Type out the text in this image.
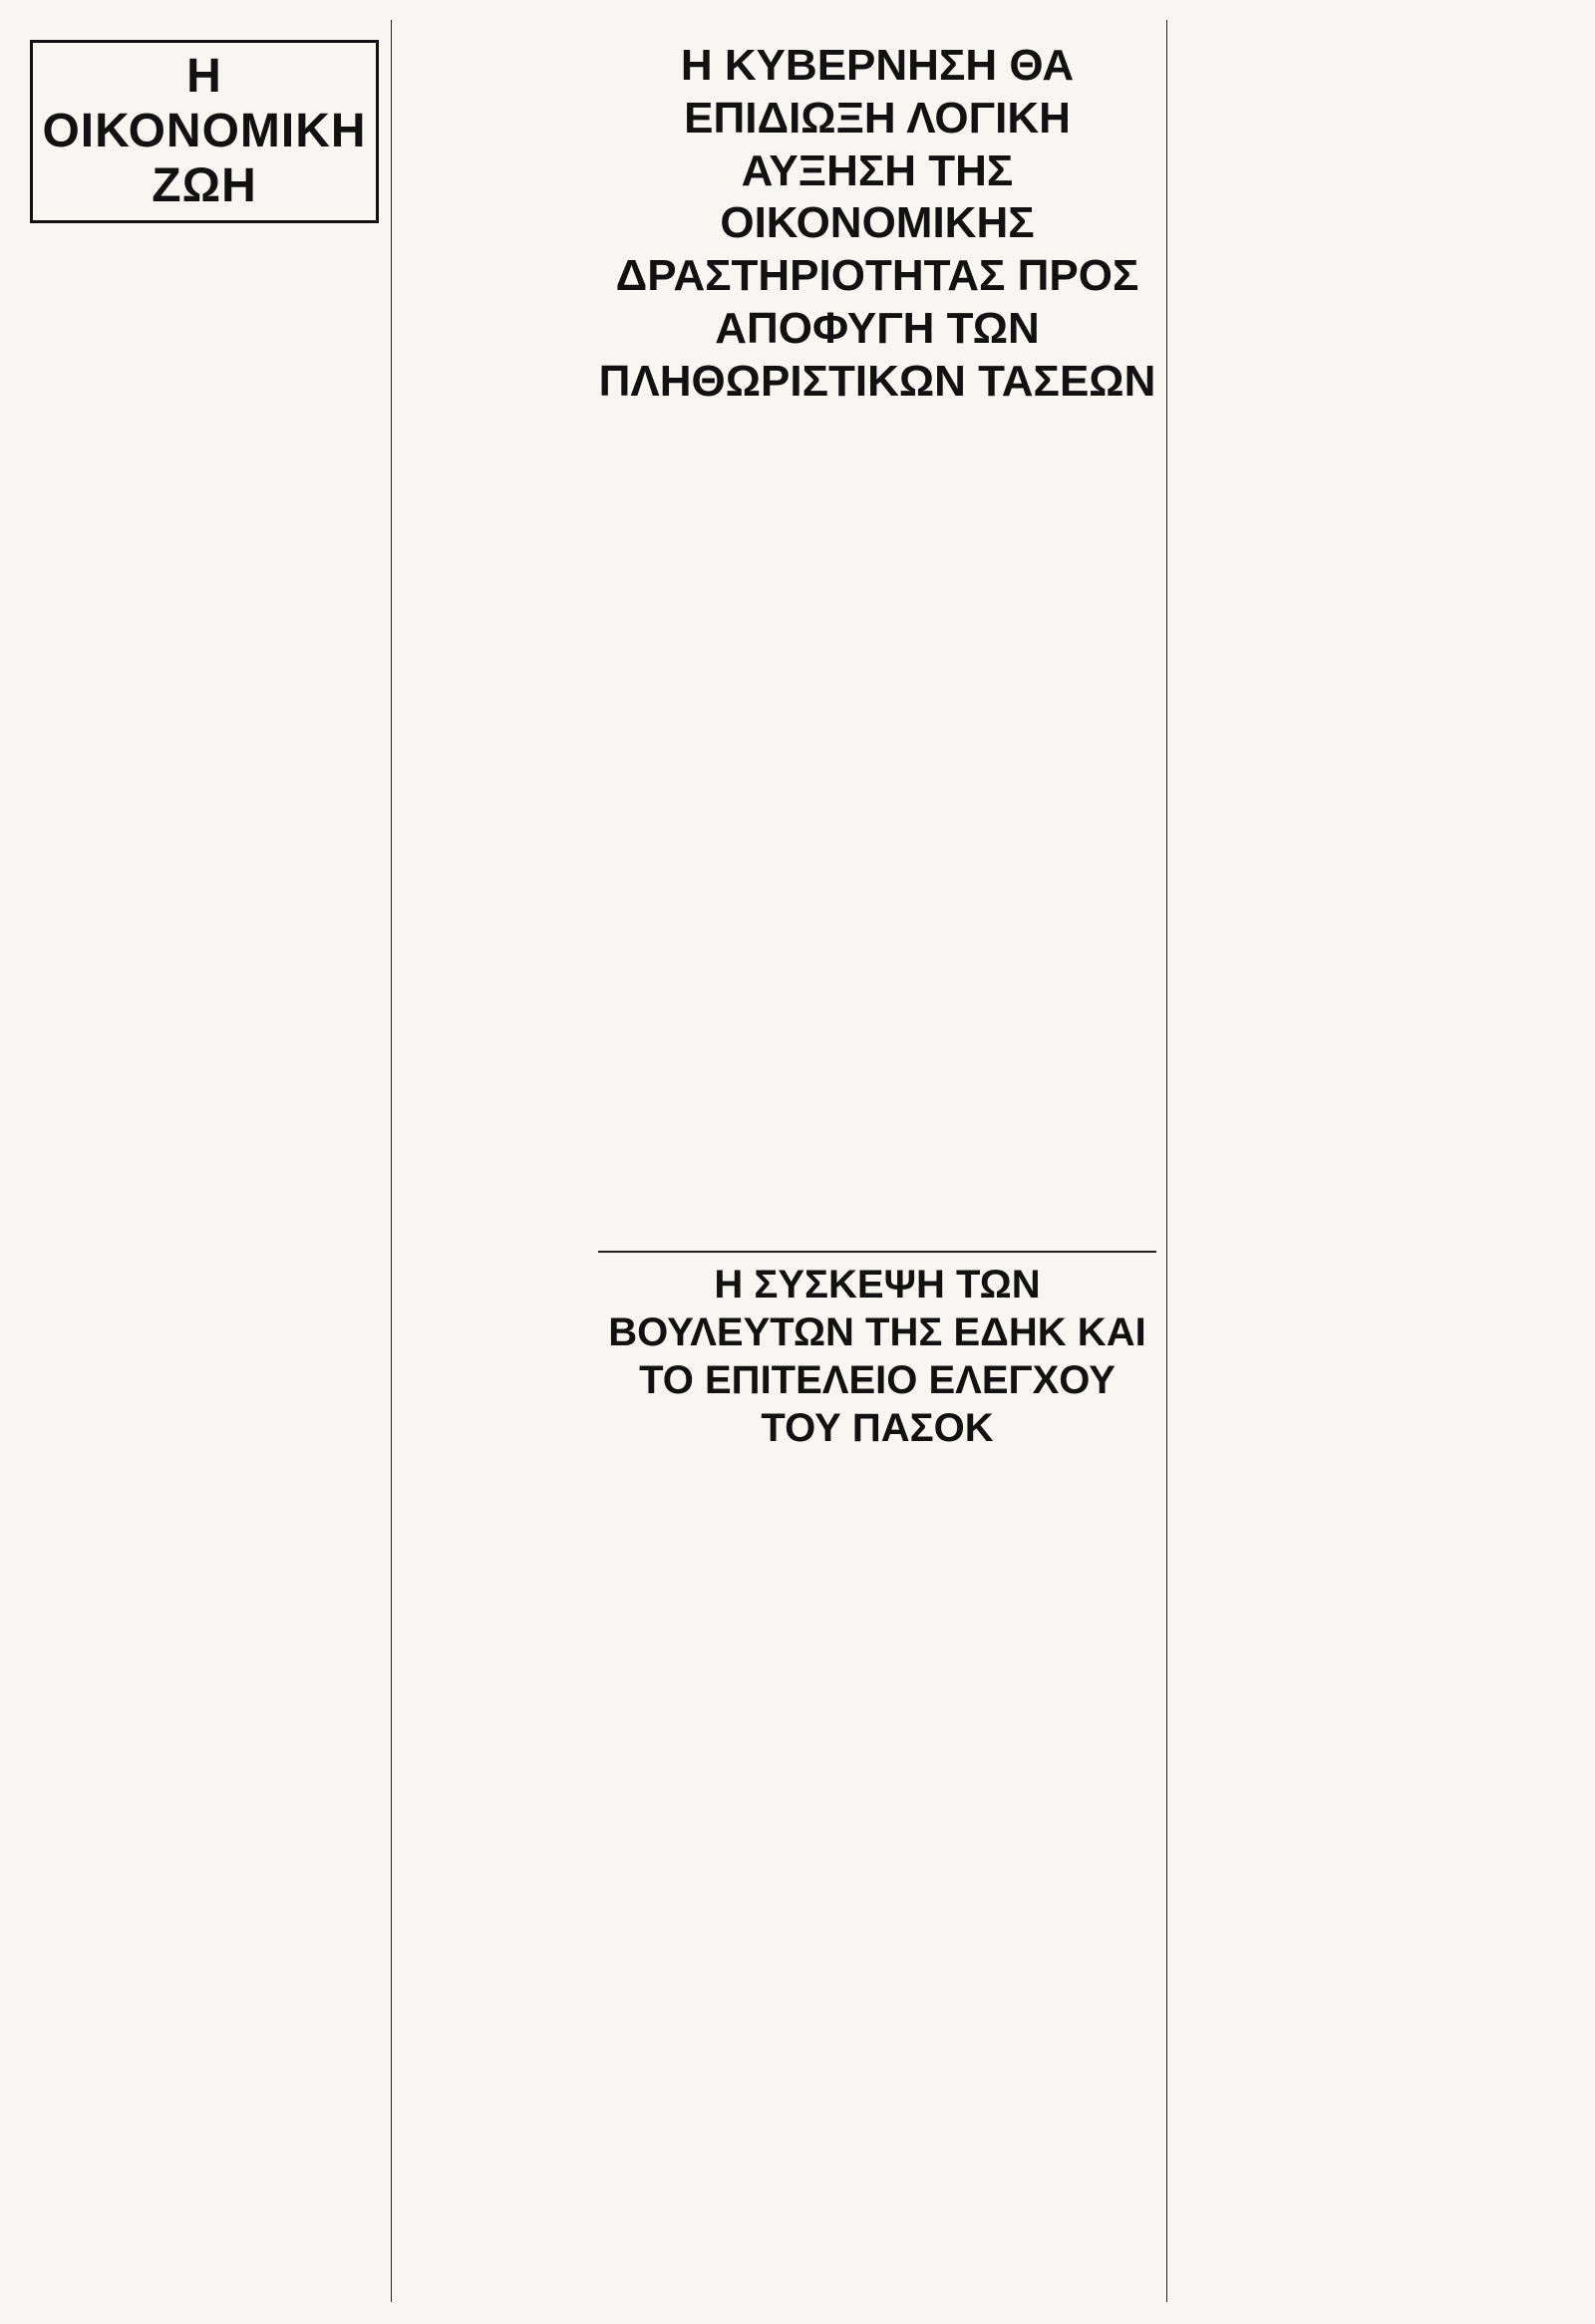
Η ΟΙΚΟΝΟΜΙΚΗ ΖΩΗ
Η ΚΥΒΕΡΝΗΣΗ ΘΑ ΕΠΙΔΙΩΞΗ ΛΟΓΙΚΗ ΑΥΞΗΣΗ ΤΗΣ ΟΙΚΟΝΟΜΙΚΗΣ ΔΡΑΣΤΗΡΙΟΤΗΤΑΣ ΠΡΟΣ ΑΠΟΦΥΓΗ ΤΩΝ ΠΛΗΘΩΡΙΣΤΙΚΩΝ ΤΑΣΕΩΝ

Η ΣΥΣΚΕΨΗ ΤΩΝ ΒΟΥΛΕΥΤΩΝ ΤΗΣ ΕΔΗΚ ΚΑΙ ΤΟ ΕΠΙΤΕΛΕΙΟ ΕΛΕΓΧΟΥ ΤΟΥ ΠΑΣΟΚ
